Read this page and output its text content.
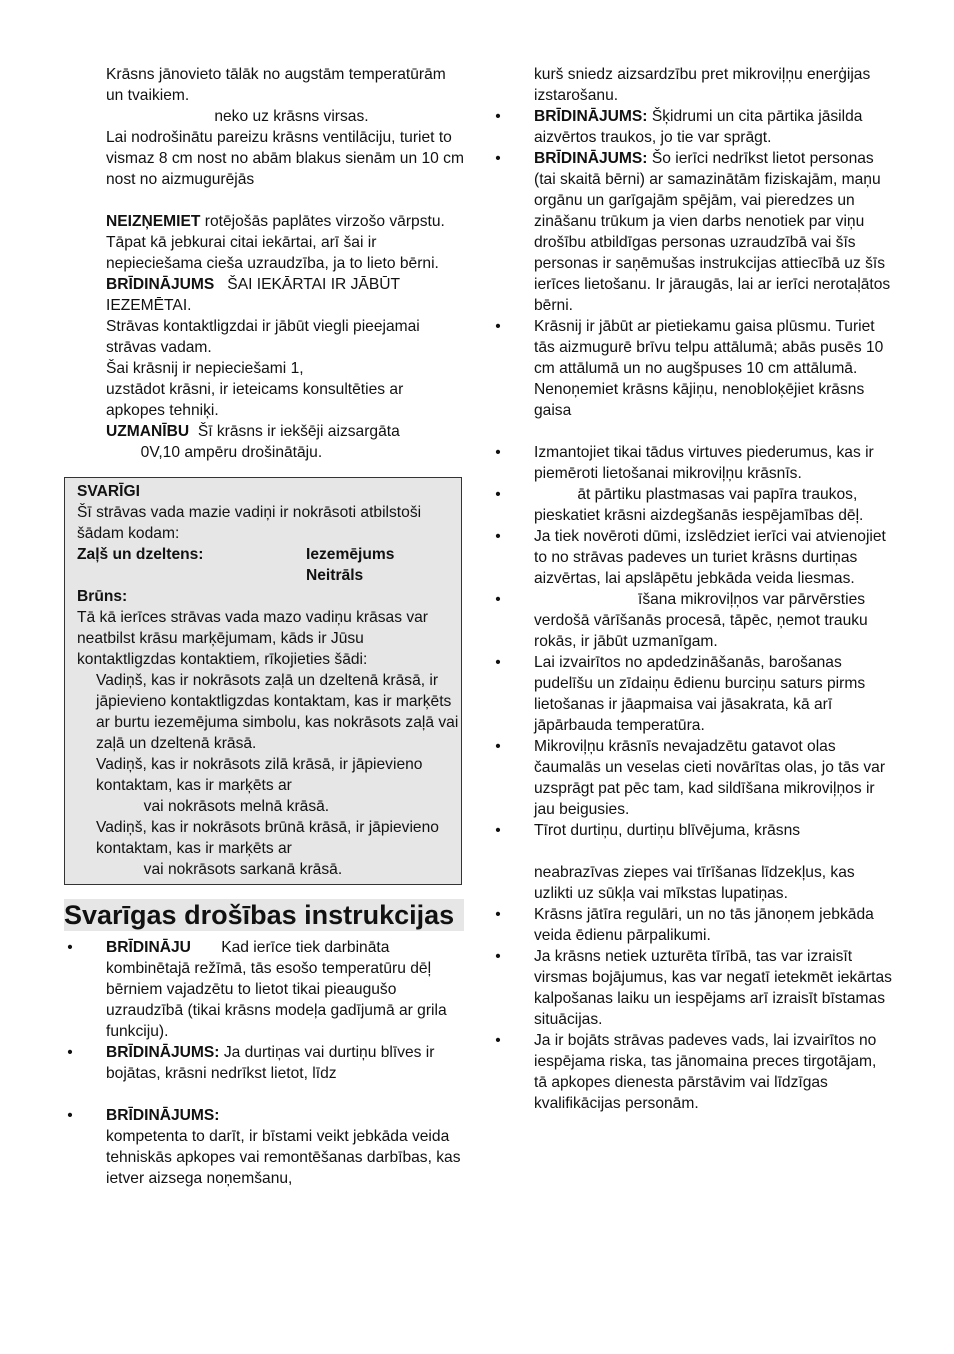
Krāsns jānovieto tālāk no augstām temperatūrām un tvaikiem.

neko uz krāsns virsas.

Lai nodrošinātu pareizu krāsns ventilāciju, turiet to vismaz 8 cm nost no abām blakus sienām un 10 cm nost no aizmugurējās

NEIZŅEMIET rotējošās paplātes virzošo vārpstu.

Tāpat kā jebkurai citai iekārtai, arī šai ir nepieciešama cieša uzraudzība, ja to lieto bērni.

BRĪDINĀJUMS   ŠAI IEKĀRTAI IR JĀBŪT IEZEMĒTAI.

Strāvas kontaktligzdai ir jābūt viegli pieejamai strāvas vadam.

Šai krāsnij ir nepieciešami 1,

uzstādot krāsni, ir ieteicams konsultēties ar apkopes tehniķi.

UZMANĪBU  Šī krāsns ir iekšēji aizsargāta

0V,10 ampēru drošinātāju.

SVARĪGI

Šī strāvas vada mazie vadiņi ir nokrāsoti atbilstoši šādam kodam:

Zaļš un dzeltens:	Iezemējums
Neitrāls
Brūns:

Tā kā ierīces strāvas vada mazo vadiņu krāsas var neatbilst krāsu marķējumam, kāds ir Jūsu kontaktligzdas kontaktiem, rīkojieties šādi:

Vadiņš, kas ir nokrāsots zaļā un dzeltenā krāsā, ir jāpievieno kontaktligzdas kontaktam, kas ir marķēts ar burtu iezemējuma simbolu, kas nokrāsots zaļā vai zaļā un dzeltenā krāsā.

Vadiņš, kas ir nokrāsots zilā krāsā, ir jāpievieno kontaktam, kas ir marķēts ar
vai nokrāsots melnā krāsā.

Vadiņš, kas ir nokrāsots brūnā krāsā, ir jāpievieno kontaktam, kas ir marķēts ar
vai nokrāsots sarkanā krāsā.

Svarīgas drošības instrukcijas
• BRĪDINĀJU       Kad ierīce tiek darbināta kombinētajā režīmā, tās esošo temperatūru dēļ bērniem vajadzētu to lietot tikai pieaugušo uzraudzībā (tikai krāsns modeļa gadījumā ar grila funkciju).

• BRĪDINĀJUMS: Ja durtiņas vai durtiņu blīves ir bojātas, krāsni nedrīkst lietot, līdz

• BRĪDINĀJUMS:
kompetenta to darīt, ir bīstami veikt jebkāda veida tehniskās apkopes vai remontēšanas darbības, kas ietver aizsega noņemšanu,

kurš sniedz aizsardzību pret mikroviļņu enerģijas izstarošanu.

• BRĪDINĀJUMS: Šķidrumi un cita pārtika jāsilda aizvērtos traukos, jo tie var sprāgt.

• BRĪDINĀJUMS: Šo ierīci nedrīkst lietot personas (tai skaitā bērni) ar samazinātām fiziskajām, maņu orgānu un garīgajām spējām, vai pieredzes un zināšanu trūkum ja vien darbs nenotiek par viņu drošību atbildīgas personas uzraudzībā vai šīs personas ir saņēmušas instrukcijas attiecībā uz šīs ierīces lietošanu. Ir jāraugās, lai ar ierīci nerotaļātos bērni.

• Krāsnij ir jābūt ar pietiekamu gaisa plūsmu. Turiet tās aizmugurē brīvu telpu attālumā; abās pusēs 10 cm attālumā un no augšpuses 10 cm attālumā. Nenoņemiet krāsns kājiņu, nenobloķējiet krāsns gaisa

• Izmantojiet tikai tādus virtuves piederumus, kas ir piemēroti lietošanai mikroviļņu krāsnīs.

• āt pārtiku plastmasas vai papīra traukos, pieskatiet krāsni aizdegšanās iespējamības dēļ.

• Ja tiek novēroti dūmi, izslēdziet ierīci vai atvienojiet to no strāvas padeves un turiet krāsns durtiņas aizvērtas, lai apslāpētu jebkāda veida liesmas.

• īšana mikroviļņos var pārvērsties verdošā vārīšanās procesā, tāpēc, ņemot trauku rokās, ir jābūt uzmanīgam.

• Lai izvairītos no apdedzināšanās, barošanas pudelīšu un zīdaiņu ēdienu burciņu saturs pirms lietošanas ir jāapmaisa vai jāsakrata, kā arī jāpārbauda temperatūra.

• Mikroviļņu krāsnīs nevajadzētu gatavot olas čaumalās un veselas cieti novārītas olas, jo tās var uzsprāgt pat pēc tam, kad sildīšana mikroviļņos ir jau beigusies.

• Tīrot durtiņu, durtiņu blīvējuma, krāsns

neabrazīvas ziepes vai tīrīšanas līdzekļus, kas uzlikti uz sūkļa vai mīkstas lupatiņas.

• Krāsns jātīra regulāri, un no tās jānoņem jebkāda veida ēdienu pārpalikumi.

• Ja krāsns netiek uzturēta tīrībā, tas var izraisīt virsmas bojājumus, kas var negatī ietekmēt iekārtas kalpošanas laiku un iespējams arī izraisīt bīstamas situācijas.

• Ja ir bojāts strāvas padeves vads, lai izvairītos no iespējama riska, tas jānomaina preces tirgotājam, tā apkopes dienesta pārstāvim vai līdzīgas kvalifikācijas personām.
